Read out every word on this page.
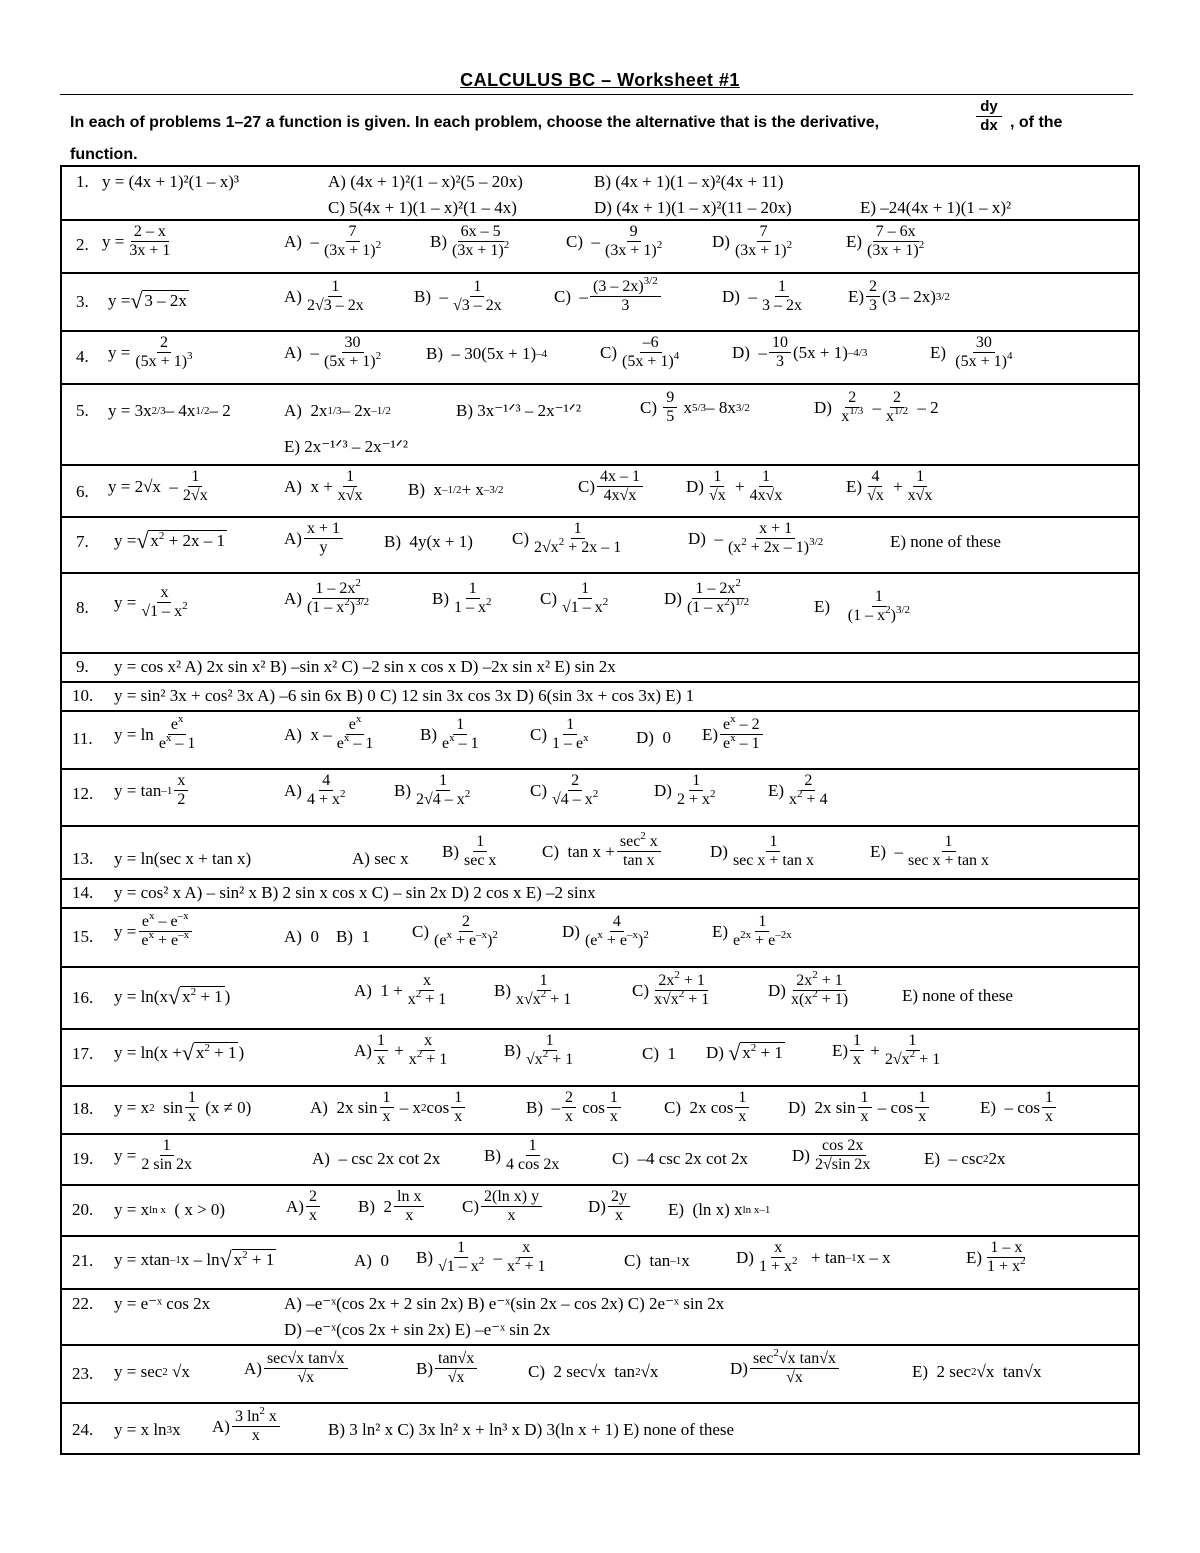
CALCULUS BC – Worksheet #1
In each of problems 1–27 a function is given. In each problem, choose the alternative that is the derivative,
dy
dx , of the
function.
1. y = (4x + 1)²(1 – x)³	A) (4x + 1)²(1 – x)²(5 – 20x)	B) (4x + 1)(1 – x)²(4x + 11)
C) 5(4x + 1)(1 – x)²(1 – 4x)	D) (4x + 1)(1 – x)²(11 – 20x)	E) –24(4x + 1)(1 – x)²
2. $y = \frac{2 - x}{3x + 1}$	$A) - \frac{7}{(3x + 1)^2}$	$B) \frac{6x - 5}{(3x + 1)^2}$	$C) - \frac{9}{(3x + 1)^2}$	$D) \frac{7}{(3x + 1)^2}$	$E) \frac{7 - 6x}{(3x + 1)^2}$
3. y = √ 3 – 2x	$A) \frac{1}{2√3 - 2x}$	$B) - \frac{1}{√3 - 2x}$	$C) - \frac{(3 - 2x)^{3/2}}{3}$	$D) - \frac{1}{3 - 2x}$	$E) \frac{2}{3} (3 - 2x)$ 3/2
4. $y = \frac{2}{(5x + 1)^3}$	$A) - \frac{30}{(5x + 1)^2} B) - 30(5x + 1)$ –4	$C) \frac{-6}{(5x + 1)^4}$	$D) - \frac{10}{3} (5x + 1)$ –4/3	$E) \frac{30}{(5x + 1)^4}$
5. y = 3x 2/3 – 4x 1/2 – 2	A)  2x 1/3 – 2x –1/2	B) 3x⁻¹ᐟ³ – 2x⁻¹ᐟ²	$C) \frac{9}{5}$ x 5/3 – 8x 3/2	$D) \frac{2}{x^{1/3}} - \frac{2}{x^{1/2}} - 2$
E) 2x⁻¹ᐟ³ – 2x⁻¹ᐟ²
6. $y = 2√x - \frac{1}{2√x}$	A)  $x + \frac{1}{x√x} B$)  x –1/2 + x –3/2	$C) \frac{4x - 1}{4x√x}$	$D) \frac{1}{√x} + \frac{1}{4x√x}$	$E) \frac{4}{√x} + \frac{1}{x√x}$
7. y = √ $x^2 + 2x - 1$	$A) \frac{x + 1}{y} B$)  4y(x + 1) $C) \frac{1}{2√x^2 + 2x - 1}$	$D) - \frac{x + 1}{(x^2 + 2x - 1)^{3/2}}$	E) none of these
8. $y = \frac{x}{√1 - x^2}$	$A) \frac{1 - 2x^2}{(1 - x^2)^{3/2}}$	$B) \frac{1}{1 - x^2}$	$C) \frac{1}{√1 - x^2}$	$D) \frac{1 - 2x^2}{(1 - x^2)^{1/2}}$	$E) \frac{1}{(1 - x^2)^{3/2}}$
9. y = cos x² A) 2x sin x² B) –sin x² C) –2 sin x cos x D) –2x sin x² E) sin 2x
10. y = sin² 3x + cos² 3x A) –6 sin 6x B) 0 C) 12 sin 3x cos 3x D) 6(sin 3x + cos 3x) E) 1
11. $y = \ln \frac{e^x}{e^x - 1}$	A)  x – $\frac{e^x}{e^x - 1}$	$B) \frac{1}{e^x - 1}$	$C) \frac{1}{1 - e^x}$	D)  0 $E) \frac{e^x - 2}{e^x - 1}$
12. $y = \tan -1 \frac{x}{2}$	$A) \frac{4}{4 + x^2}$	$B) \frac{1}{2√4 - x^2}$	$C) \frac{2}{√4 - x^2}$	$D) \frac{1}{2 + x^2}$	$E) \frac{2}{x^2 + 4}$
13. y = ln(sec x + tan x)	A) sec x $B) \frac{1}{\text{sec x}}$	C)  $\tan x + \frac{\sec^2 x}{\text{tan x}}$	$D) \frac{1}{\text{sec x + tan x}}$	$E) - \frac{1}{\text{sec x + tan x}}$
14. y = cos² x A) – sin² x B) 2 sin x cos x C) – sin 2x D) 2 cos x E) –2 sinx
15. $y = \frac{e^x - e^{-x}}{e^x + e^{-x}}$	A)  0    B)  1 $C) \frac{2}{(e^x + e^{-x})^2}$	$D) \frac{4}{(e^x + e^{-x})^2}$	$E) \frac{1}{e^{2x} + e^{-2x}}$
16. y = ln(x √ $x^2 + 1$ )	A)  $1 + \frac{x}{x^2 + 1}$	$B) \frac{1}{x√x^2 + 1}$	$C) \frac{2x^2 + 1}{x√x^2 + 1}$	$D) \frac{2x^2 + 1}{x(x^2 + 1)}$	E) none of these
17. y = ln(x + √ $x^2 + 1$ )	$A) \frac{1}{x} + \frac{x}{x^2 + 1}$	$B) \frac{1}{√x^2 + 1}$	C)  1 D) √ $x^2 + 1$	$E) \frac{1}{x} + \frac{1}{2√x^2 + 1}$
18. y = x 2 $\sin \frac{1}{x} (x \ne 0)$	A)  2x $\sin \frac{1}{x}$ – x 2 $\cos \frac{1}{x}$	$B) - \frac{2}{x}$ $\cos \frac{1}{x}$	C)  2x $\cos \frac{1}{x} D$)  2x $\sin \frac{1}{x}$ – $\cos \frac{1}{x}$	$E) - \cos \frac{1}{x}$
19. $y = \frac{1}{2 \sin 2x}$	A)  – csc 2x cot 2x	$B) \frac{1}{4 \cos 2x}$	C)  –4 csc 2x cot 2x	$D) \frac{\cos 2x}{2√\sin 2x}$	E)  – csc 2 2x
20. y = x ln x ( x > 0)	$A) \frac{2}{x} B$)  $2 \frac{\text{ln x}}{x} C) \frac{\text{2(ln x) y}}{x}$	$D) \frac{2y}{x} E$)  (ln x) x ln x–1
21. y = xtan –1 x – ln √ $x^2 + 1$	A)  0 $B) \frac{1}{√1 - x^2} - \frac{x}{x^2 + 1}$	C)  tan –1 x	$D) \frac{x}{1 + x^2} + \tan -1$ x – x	$E) \frac{1 - x}{1 + x^2}$
22. y = e⁻ˣ cos 2x	A) –e⁻ˣ(cos 2x + 2 sin 2x) B) e⁻ˣ(sin 2x – cos 2x) C) 2e⁻ˣ sin 2x
D) –e⁻ˣ(cos 2x + sin 2x) E) –e⁻ˣ sin 2x
23. y = sec 2 √x	$A) \frac{\text{sec√x tan√x}}{√x}$	$B) \frac{\tan√x}{√x}$	C)  2 sec√x  tan 2 √x	$D) \frac{\sec^2√x \tan√x}{√x}$	E)  2 sec 2 √x  tan√x
24. y = x ln 3 x $A) \frac{3 \ln^2 x}{x}$	B) 3 ln² x C) 3x ln² x + ln³ x D) 3(ln x + 1) E) none of these
